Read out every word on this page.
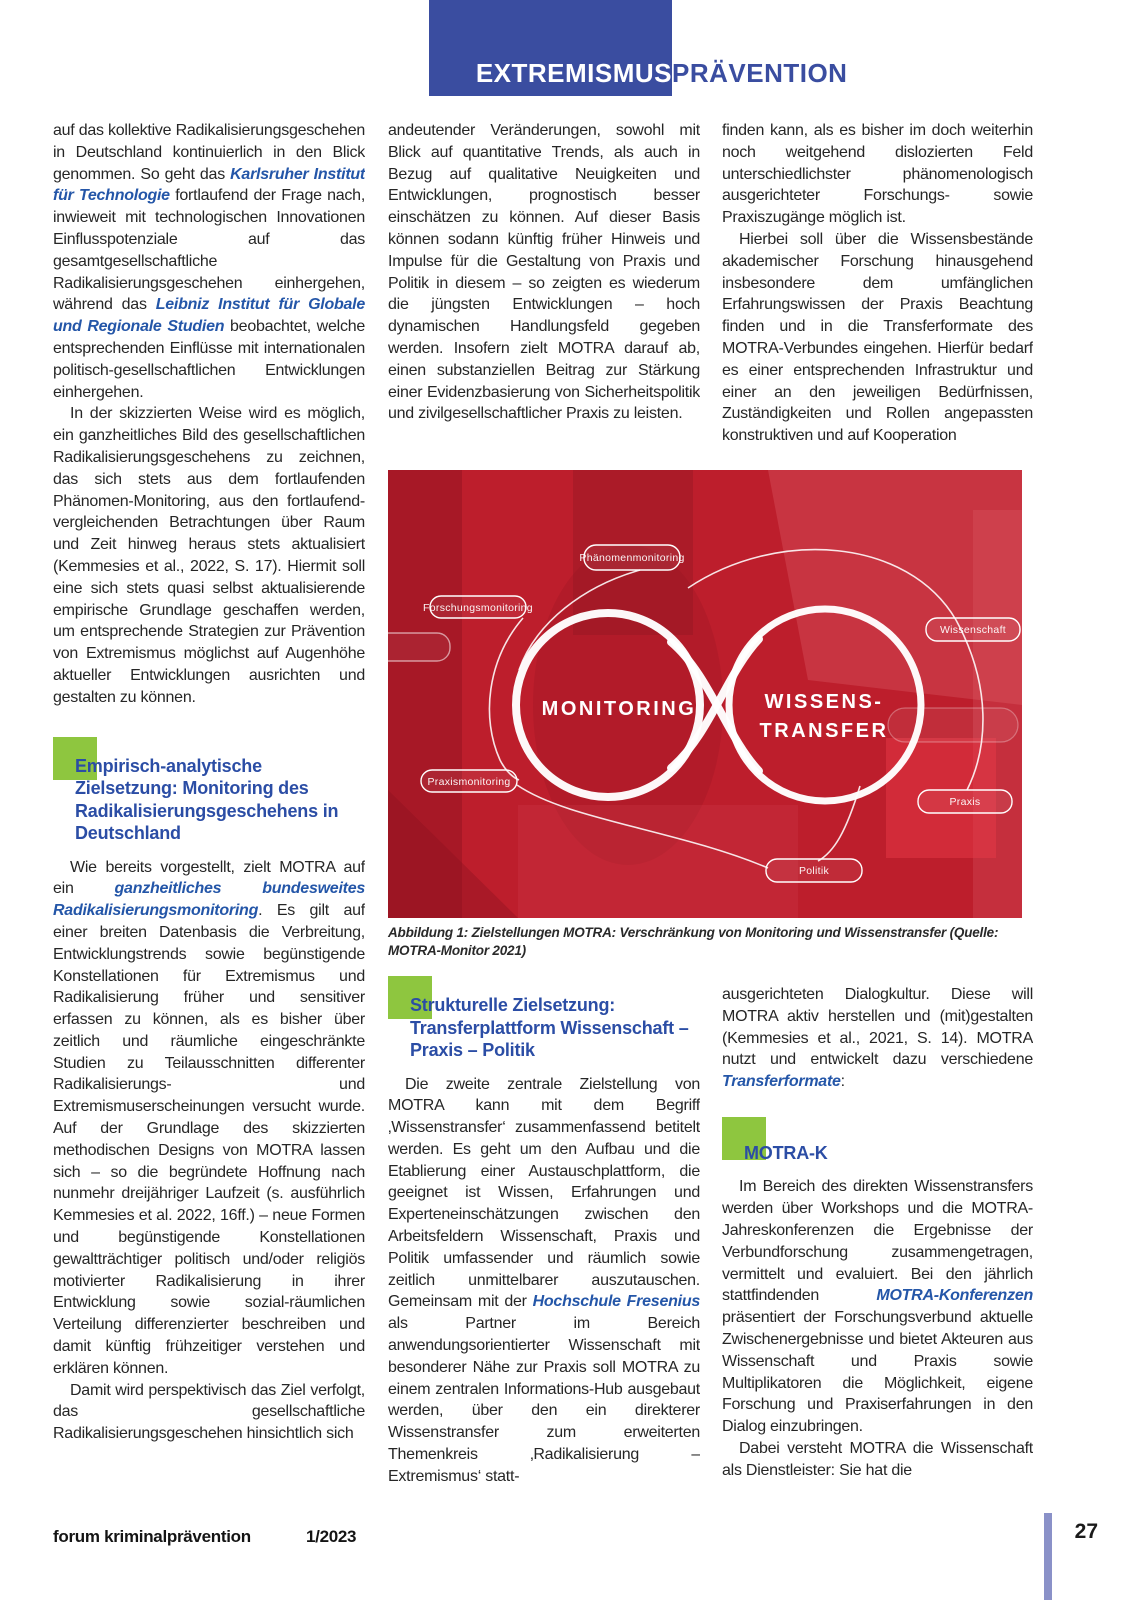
EXTREMISMUS PRÄVENTION

auf das kollektive Radikalisierungsgeschehen in Deutschland kontinuierlich in den Blick genommen. So geht das Karlsruher Institut für Technologie fortlaufend der Frage nach, inwieweit mit technologischen Innovationen Einflusspotenziale auf das gesamtgesellschaftliche Radikalisierungsgeschehen einhergehen, während das Leibniz Institut für Globale und Regionale Studien beobachtet, welche entsprechenden Einflüsse mit internationalen politisch-gesellschaftlichen Entwicklungen einhergehen.

In der skizzierten Weise wird es möglich, ein ganzheitliches Bild des gesellschaftlichen Radikalisierungsgeschehens zu zeichnen, das sich stets aus dem fortlaufenden Phänomen-Monitoring, aus den fortlaufend-vergleichenden Betrachtungen über Raum und Zeit hinweg heraus stets aktualisiert (Kemmesies et al., 2022, S. 17). Hiermit soll eine sich stets quasi selbst aktualisierende empirische Grundlage geschaffen werden, um entsprechende Strategien zur Prävention von Extremismus möglichst auf Augenhöhe aktueller Entwicklungen ausrichten und gestalten zu können.

Empirisch-analytische Zielsetzung: Monitoring des Radikalisierungsgeschehens in Deutschland

Wie bereits vorgestellt, zielt MOTRA auf ein ganzheitliches bundesweites Radikalisierungsmonitoring. Es gilt auf einer breiten Datenbasis die Verbreitung, Entwicklungstrends sowie begünstigende Konstellationen für Extremismus und Radikalisierung früher und sensitiver erfassen zu können, als es bisher über zeitlich und räumliche eingeschränkte Studien zu Teilausschnitten differenter Radikalisierungs- und Extremismuserscheinungen versucht wurde. Auf der Grundlage des skizzierten methodischen Designs von MOTRA lassen sich – so die begründete Hoffnung nach nunmehr dreijähriger Laufzeit (s. ausführlich Kemmesies et al. 2022, 16ff.) – neue Formen und begünstigende Konstellationen gewaltträchtiger politisch und/oder religiös motivierter Radikalisierung in ihrer Entwicklung sowie sozial-räumlichen Verteilung differenzierter beschreiben und damit künftig frühzeitiger verstehen und erklären können.

Damit wird perspektivisch das Ziel verfolgt, das gesellschaftliche Radikalisierungsgeschehen hinsichtlich sich

andeutender Veränderungen, sowohl mit Blick auf quantitative Trends, als auch in Bezug auf qualitative Neuigkeiten und Entwicklungen, prognostisch besser einschätzen zu können. Auf dieser Basis können sodann künftig früher Hinweis und Impulse für die Gestaltung von Praxis und Politik in diesem – so zeigten es wiederum die jüngsten Entwicklungen – hoch dynamischen Handlungsfeld gegeben werden. Insofern zielt MOTRA darauf ab, einen substanziellen Beitrag zur Stärkung einer Evidenzbasierung von Sicherheitspolitik und zivilgesellschaftlicher Praxis zu leisten.

finden kann, als es bisher im doch weiterhin noch weitgehend dislozierten Feld unterschiedlichster phänomenologisch ausgerichteter Forschungs- sowie Praxiszugänge möglich ist.

Hierbei soll über die Wissensbestände akademischer Forschung hinausgehend insbesondere dem umfänglichen Erfahrungswissen der Praxis Beachtung finden und in die Transferformate des MOTRA-Verbundes eingehen. Hierfür bedarf es einer entsprechenden Infrastruktur und einer an den jeweiligen Bedürfnissen, Zuständigkeiten und Rollen angepassten konstruktiven und auf Kooperation

Phänomenmonitoring
Forschungsmonitoring
Praxismonitoring
Wissenschaft
Praxis
Politik
MONITORING	WISSENS-
TRANSFER
Abbildung 1: Zielstellungen MOTRA: Verschränkung von Monitoring und Wissenstransfer (Quelle: MOTRA-Monitor 2021)
Strukturelle Zielsetzung: Transferplattform Wissenschaft – Praxis – Politik

Die zweite zentrale Zielstellung von MOTRA kann mit dem Begriff ‚Wissenstransfer‘ zusammenfassend betitelt werden. Es geht um den Aufbau und die Etablierung einer Austauschplattform, die geeignet ist Wissen, Erfahrungen und Experteneinschätzungen zwischen den Arbeitsfeldern Wissenschaft, Praxis und Politik umfassender und räumlich sowie zeitlich unmittelbarer auszutauschen. Gemeinsam mit der Hochschule Fresenius als Partner im Bereich anwendungsorientierter Wissenschaft mit besonderer Nähe zur Praxis soll MOTRA zu einem zentralen Informations-Hub ausgebaut werden, über den ein direkterer Wissenstransfer zum erweiterten Themenkreis ‚Radikalisierung – Extremismus‘ statt-

ausgerichteten Dialogkultur. Diese will MOTRA aktiv herstellen und (mit)gestalten (Kemmesies et al., 2021, S. 14). MOTRA nutzt und entwickelt dazu verschiedene Transferformate:

MOTRA-K

Im Bereich des direkten Wissenstransfers werden über Workshops und die MOTRA-Jahreskonferenzen die Ergebnisse der Verbundforschung zusammengetragen, vermittelt und evaluiert. Bei den jährlich stattfindenden MOTRA-Konferenzen präsentiert der Forschungsverbund aktuelle Zwischenergebnisse und bietet Akteuren aus Wissenschaft und Praxis sowie Multiplikatoren die Möglichkeit, eigene Forschung und Praxiserfahrungen in den Dialog einzubringen.

Dabei versteht MOTRA die Wissenschaft als Dienstleister: Sie hat die

forum kriminalprävention	1/2023	27
